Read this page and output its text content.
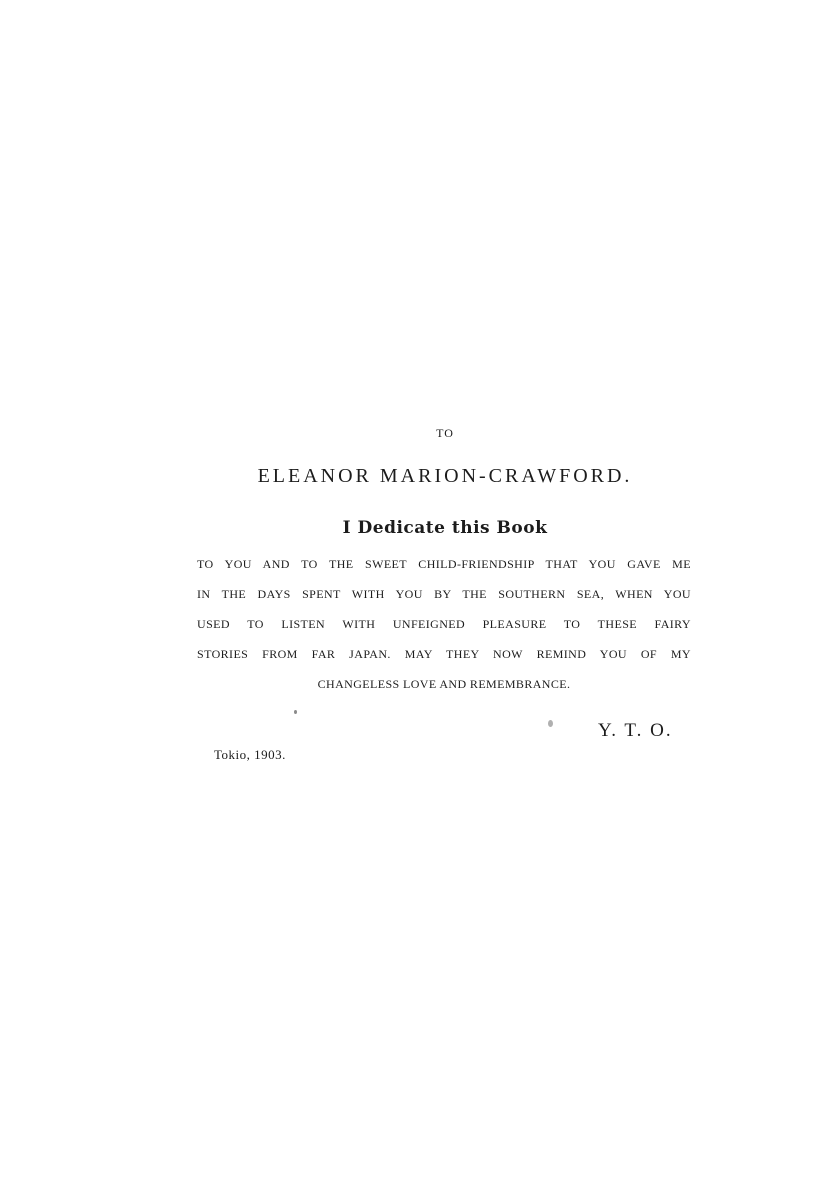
TO
ELEANOR MARION-CRAWFORD.
I Dedicate this Book
TO YOU AND TO THE SWEET CHILD-FRIENDSHIP THAT YOU GAVE ME
IN THE DAYS SPENT WITH YOU BY THE SOUTHERN SEA, WHEN YOU
USED TO LISTEN WITH UNFEIGNED PLEASURE TO THESE FAIRY
STORIES FROM FAR JAPAN. MAY THEY NOW REMIND YOU OF MY
CHANGELESS LOVE AND REMEMBRANCE.
Y. T. O.
Tokio, 1903.
